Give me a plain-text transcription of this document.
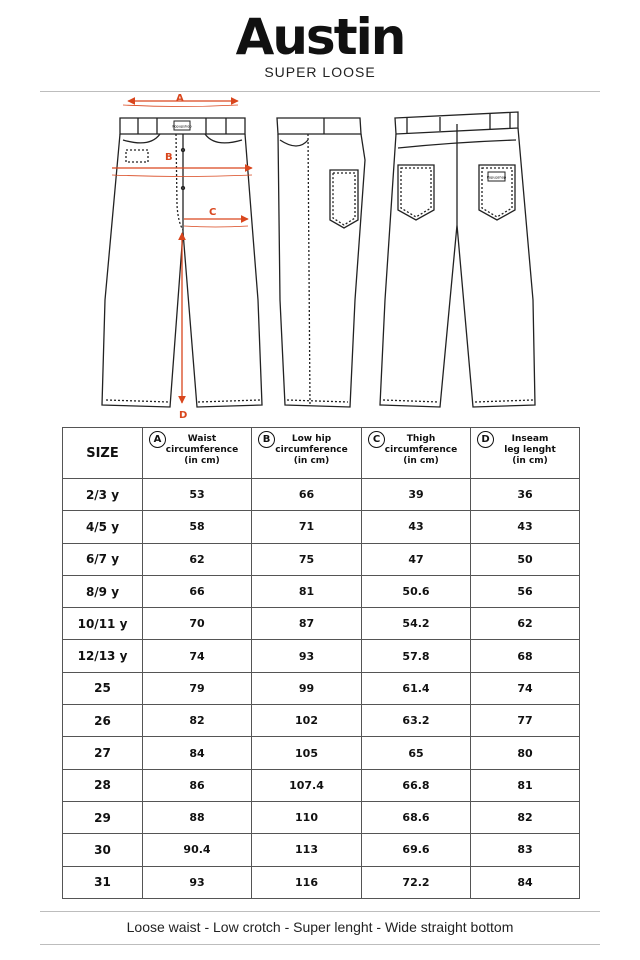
Austin
SUPER LOOSE
Popupshop
A
B
C
D
Popupshop
SIZE	A Waist
circumference
(in cm)	B Low hip
circumference
(in cm)	C Thigh
circumference
(in cm)	D Inseam
leg lenght
(in cm)

2/3 y	53	66	39	36
4/5 y	58	71	43	43
6/7 y	62	75	47	50
8/9 y	66	81	50.6	56
10/11 y	70	87	54.2	62
12/13 y	74	93	57.8	68
25	79	99	61.4	74
26	82	102	63.2	77
27	84	105	65	80
28	86	107.4	66.8	81
29	88	110	68.6	82
30	90.4	113	69.6	83
31	93	116	72.2	84
Loose waist - Low crotch - Super lenght - Wide straight bottom
